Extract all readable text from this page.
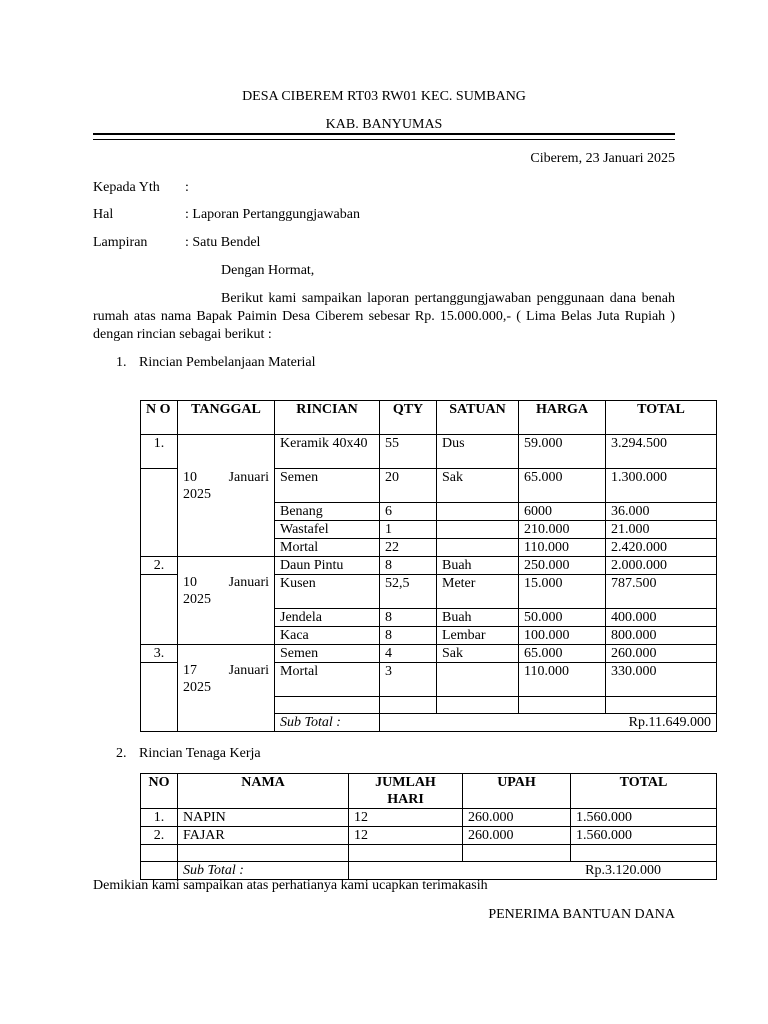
DESA CIBEREM RT03 RW01 KEC. SUMBANG
KAB. BANYUMAS
Ciberem, 23 Januari 2025
Kepada Yth :
Hal	: Laporan Pertanggungjawaban
Lampiran	: Satu Bendel
Dengan Hormat,
Berikut kami sampaikan laporan pertanggungjawaban penggunaan dana benah rumah atas nama Bapak Paimin Desa Ciberem sebesar Rp. 15.000.000,- ( Lima Belas Juta Rupiah ) dengan rincian sebagai berikut :
1. Rincian Pembelanjaan Material
N O	TANGGAL	RINCIAN	QTY	SATUAN	HARGA	TOTAL
1.	10 Januari 2025	Keramik 40x40	55	Dus	59.000	3.294.500
		Semen	20	Sak	65.000	1.300.000
		Benang	6		6000	36.000
		Wastafel	1		210.000	21.000
		Mortal	22		110.000	2.420.000
2.	10 Januari 2025	Daun Pintu	8	Buah	250.000	2.000.000
		Kusen	52,5	Meter	15.000	787.500
		Jendela	8	Buah	50.000	400.000
		Kaca	8	Lembar	100.000	800.000
3.	17 Januari 2025	Semen	4	Sak	65.000	260.000
		Mortal	3		110.000	330.000

		Sub Total :	Rp.11.649.000			
2. Rincian Tenaga Kerja
NO	NAMA	JUMLAH HARI	UPAH	TOTAL
1.	NAPIN	12	260.000	1.560.000
2.	FAJAR	12	260.000	1.560.000

	Sub Total :	Rp.3.120.000		
Demikian kami sampaikan atas perhatianya kami ucapkan terimakasih
PENERIMA BANTUAN DANA
